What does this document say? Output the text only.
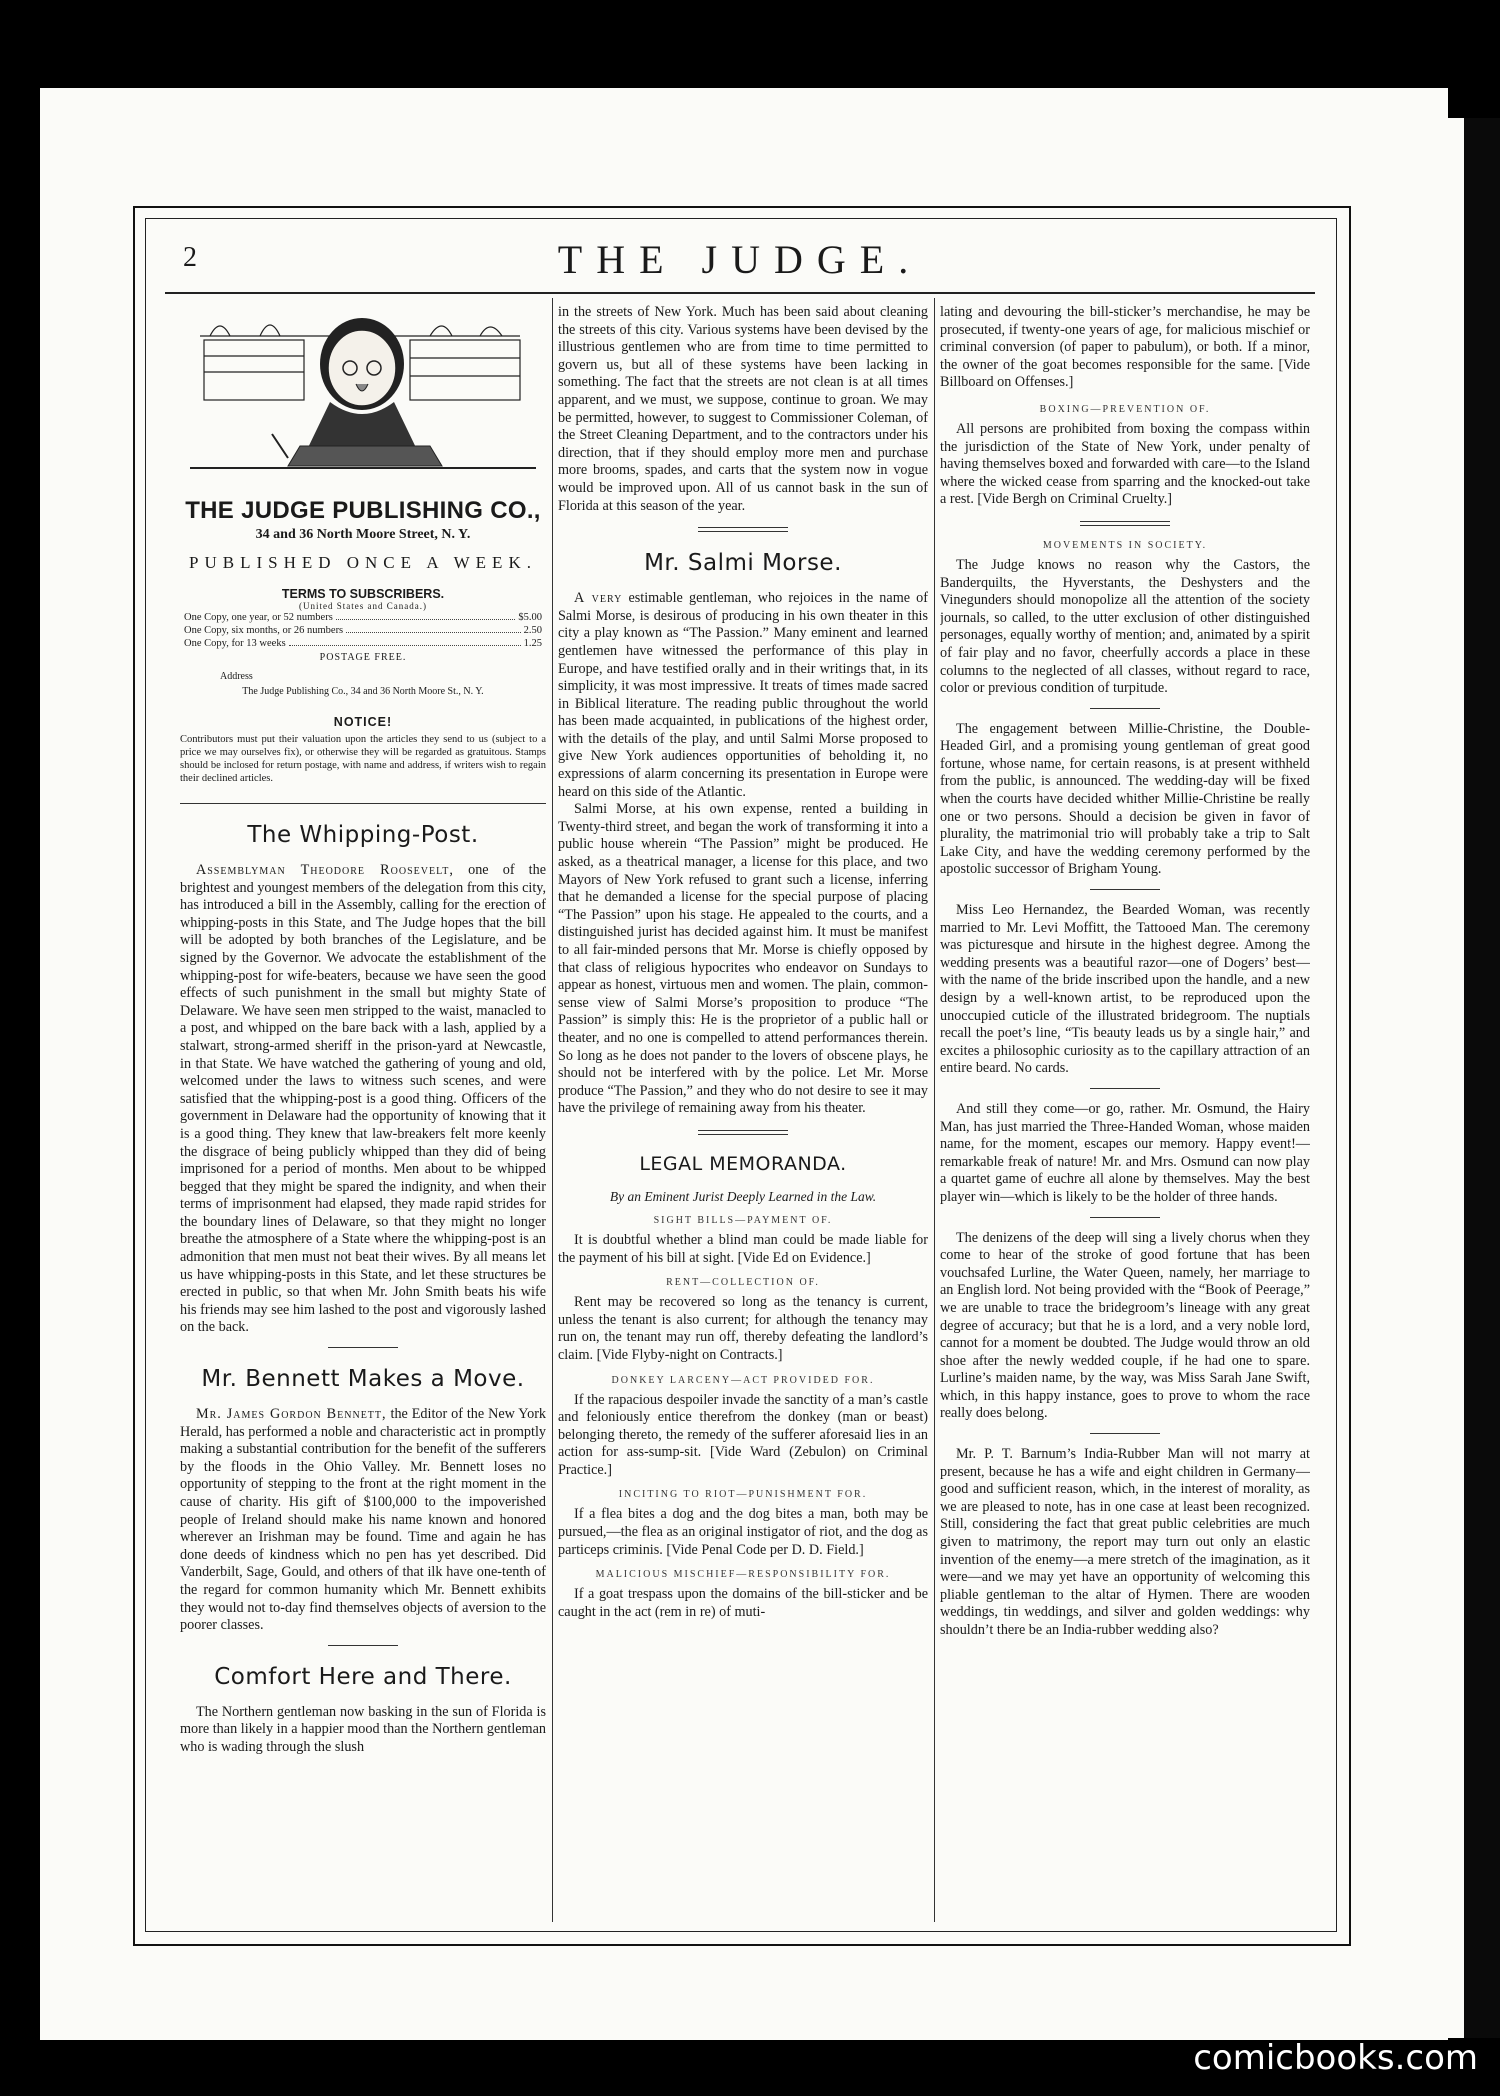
2	THE JUDGE.
THE JUDGE PUBLISHING CO.,
34 and 36 North Moore Street, N. Y.
PUBLISHED ONCE A WEEK.
TERMS TO SUBSCRIBERS.
(United States and Canada.)
One Copy, one year, or 52 numbers	$5.00
One Copy, six months, or 26 numbers	2.50
One Copy, for 13 weeks	1.25
POSTAGE FREE.
Address
The Judge Publishing Co., 34 and 36 North Moore St., N. Y.
NOTICE!
Contributors must put their valuation upon the articles they send to us (subject to a price we may ourselves fix), or otherwise they will be regarded as gratuitous. Stamps should be inclosed for return postage, with name and address, if writers wish to regain their declined articles.
The Whipping-Post.

Assemblyman Theodore Roosevelt, one of the brightest and youngest members of the delegation from this city, has introduced a bill in the Assembly, calling for the erection of whipping-posts in this State, and The Judge hopes that the bill will be adopted by both branches of the Legislature, and be signed by the Governor. We advocate the establishment of the whipping-post for wife-beaters, because we have seen the good effects of such punishment in the small but mighty State of Delaware. We have seen men stripped to the waist, manacled to a post, and whipped on the bare back with a lash, applied by a stalwart, strong-armed sheriff in the prison-yard at Newcastle, in that State. We have watched the gathering of young and old, welcomed under the laws to witness such scenes, and were satisfied that the whipping-post is a good thing. Officers of the government in Delaware had the opportunity of knowing that it is a good thing. They knew that law-breakers felt more keenly the disgrace of being publicly whipped than they did of being imprisoned for a period of months. Men about to be whipped begged that they might be spared the indignity, and when their terms of imprisonment had elapsed, they made rapid strides for the boundary lines of Delaware, so that they might no longer breathe the atmosphere of a State where the whipping-post is an admonition that men must not beat their wives. By all means let us have whipping-posts in this State, and let these structures be erected in public, so that when Mr. John Smith beats his wife his friends may see him lashed to the post and vigorously lashed on the back.

Mr. Bennett Makes a Move.

Mr. James Gordon Bennett, the Editor of the New York Herald, has performed a noble and characteristic act in promptly making a substantial contribution for the benefit of the sufferers by the floods in the Ohio Valley. Mr. Bennett loses no opportunity of stepping to the front at the right moment in the cause of charity. His gift of $100,000 to the impoverished people of Ireland should make his name known and honored wherever an Irishman may be found. Time and again he has done deeds of kindness which no pen has yet described. Did Vanderbilt, Sage, Gould, and others of that ilk have one-tenth of the regard for common humanity which Mr. Bennett exhibits they would not to-day find themselves objects of aversion to the poorer classes.

Comfort Here and There.

The Northern gentleman now basking in the sun of Florida is more than likely in a happier mood than the Northern gentleman who is wading through the slush

in the streets of New York. Much has been said about cleaning the streets of this city. Various systems have been devised by the illustrious gentlemen who are from time to time permitted to govern us, but all of these systems have been lacking in something. The fact that the streets are not clean is at all times apparent, and we must, we suppose, continue to groan. We may be permitted, however, to suggest to Commissioner Coleman, of the Street Cleaning Department, and to the contractors under his direction, that if they should employ more men and purchase more brooms, spades, and carts that the system now in vogue would be improved upon. All of us cannot bask in the sun of Florida at this season of the year.

Mr. Salmi Morse.

A very estimable gentleman, who rejoices in the name of Salmi Morse, is desirous of producing in his own theater in this city a play known as “The Passion.” Many eminent and learned gentlemen have witnessed the performance of this play in Europe, and have testified orally and in their writings that, in its simplicity, it was most impressive. It treats of times made sacred in Biblical literature. The reading public throughout the world has been made acquainted, in publications of the highest order, with the details of the play, and until Salmi Morse proposed to give New York audiences opportunities of beholding it, no expressions of alarm concerning its presentation in Europe were heard on this side of the Atlantic.

Salmi Morse, at his own expense, rented a building in Twenty-third street, and began the work of transforming it into a public house wherein “The Passion” might be produced. He asked, as a theatrical manager, a license for this place, and two Mayors of New York refused to grant such a license, inferring that he demanded a license for the special purpose of placing “The Passion” upon his stage. He appealed to the courts, and a distinguished jurist has decided against him. It must be manifest to all fair-minded persons that Mr. Morse is chiefly opposed by that class of religious hypocrites who endeavor on Sundays to appear as honest, virtuous men and women. The plain, common-sense view of Salmi Morse’s proposition to produce “The Passion” is simply this: He is the proprietor of a public hall or theater, and no one is compelled to attend performances therein. So long as he does not pander to the lovers of obscene plays, he should not be interfered with by the police. Let Mr. Morse produce “The Passion,” and they who do not desire to see it may have the privilege of remaining away from his theater.

LEGAL MEMORANDA.
By an Eminent Jurist Deeply Learned in the Law.
SIGHT BILLS—PAYMENT OF.

It is doubtful whether a blind man could be made liable for the payment of his bill at sight. [Vide Ed on Evidence.]

RENT—COLLECTION OF.

Rent may be recovered so long as the tenancy is current, unless the tenant is also current; for although the tenancy may run on, the tenant may run off, thereby defeating the landlord’s claim. [Vide Flyby-night on Contracts.]

DONKEY LARCENY—ACT PROVIDED FOR.

If the rapacious despoiler invade the sanctity of a man’s castle and feloniously entice therefrom the donkey (man or beast) belonging thereto, the remedy of the sufferer aforesaid lies in an action for ass-sump-sit. [Vide Ward (Zebulon) on Criminal Practice.]

INCITING TO RIOT—PUNISHMENT FOR.

If a flea bites a dog and the dog bites a man, both may be pursued,—the flea as an original instigator of riot, and the dog as particeps criminis. [Vide Penal Code per D. D. Field.]

MALICIOUS MISCHIEF—RESPONSIBILITY FOR.

If a goat trespass upon the domains of the bill-sticker and be caught in the act (rem in re) of muti-

lating and devouring the bill-sticker’s merchandise, he may be prosecuted, if twenty-one years of age, for malicious mischief or criminal conversion (of paper to pabulum), or both. If a minor, the owner of the goat becomes responsible for the same. [Vide Billboard on Offenses.]

BOXING—PREVENTION OF.

All persons are prohibited from boxing the compass within the jurisdiction of the State of New York, under penalty of having themselves boxed and forwarded with care—to the Island where the wicked cease from sparring and the knocked-out take a rest. [Vide Bergh on Criminal Cruelty.]

MOVEMENTS IN SOCIETY.

The Judge knows no reason why the Castors, the Banderquilts, the Hyverstants, the Deshysters and the Vinegunders should monopolize all the attention of the society journals, so called, to the utter exclusion of other distinguished personages, equally worthy of mention; and, animated by a spirit of fair play and no favor, cheerfully accords a place in these columns to the neglected of all classes, without regard to race, color or previous condition of turpitude.

The engagement between Millie-Christine, the Double-Headed Girl, and a promising young gentleman of great good fortune, whose name, for certain reasons, is at present withheld from the public, is announced. The wedding-day will be fixed when the courts have decided whither Millie-Christine be really one or two persons. Should a decision be given in favor of plurality, the matrimonial trio will probably take a trip to Salt Lake City, and have the wedding ceremony performed by the apostolic successor of Brigham Young.

Miss Leo Hernandez, the Bearded Woman, was recently married to Mr. Levi Moffitt, the Tattooed Man. The ceremony was picturesque and hirsute in the highest degree. Among the wedding presents was a beautiful razor—one of Dogers’ best—with the name of the bride inscribed upon the handle, and a new design by a well-known artist, to be reproduced upon the unoccupied cuticle of the illustrated bridegroom. The nuptials recall the poet’s line, “Tis beauty leads us by a single hair,” and excites a philosophic curiosity as to the capillary attraction of an entire beard. No cards.

And still they come—or go, rather. Mr. Osmund, the Hairy Man, has just married the Three-Handed Woman, whose maiden name, for the moment, escapes our memory. Happy event!—remarkable freak of nature! Mr. and Mrs. Osmund can now play a quartet game of euchre all alone by themselves. May the best player win—which is likely to be the holder of three hands.

The denizens of the deep will sing a lively chorus when they come to hear of the stroke of good fortune that has been vouchsafed Lurline, the Water Queen, namely, her marriage to an English lord. Not being provided with the “Book of Peerage,” we are unable to trace the bridegroom’s lineage with any great degree of accuracy; but that he is a lord, and a very noble lord, cannot for a moment be doubted. The Judge would throw an old shoe after the newly wedded couple, if he had one to spare. Lurline’s maiden name, by the way, was Miss Sarah Jane Swift, which, in this happy instance, goes to prove to whom the race really does belong.

Mr. P. T. Barnum’s India-Rubber Man will not marry at present, because he has a wife and eight children in Germany—good and sufficient reason, which, in the interest of morality, as we are pleased to note, has in one case at least been recognized. Still, considering the fact that great public celebrities are much given to matrimony, the report may turn out only an elastic invention of the enemy—a mere stretch of the imagination, as it were—and we may yet have an opportunity of welcoming this pliable gentleman to the altar of Hymen. There are wooden weddings, tin weddings, and silver and golden weddings: why shouldn’t there be an India-rubber wedding also?

comicbooks.com
